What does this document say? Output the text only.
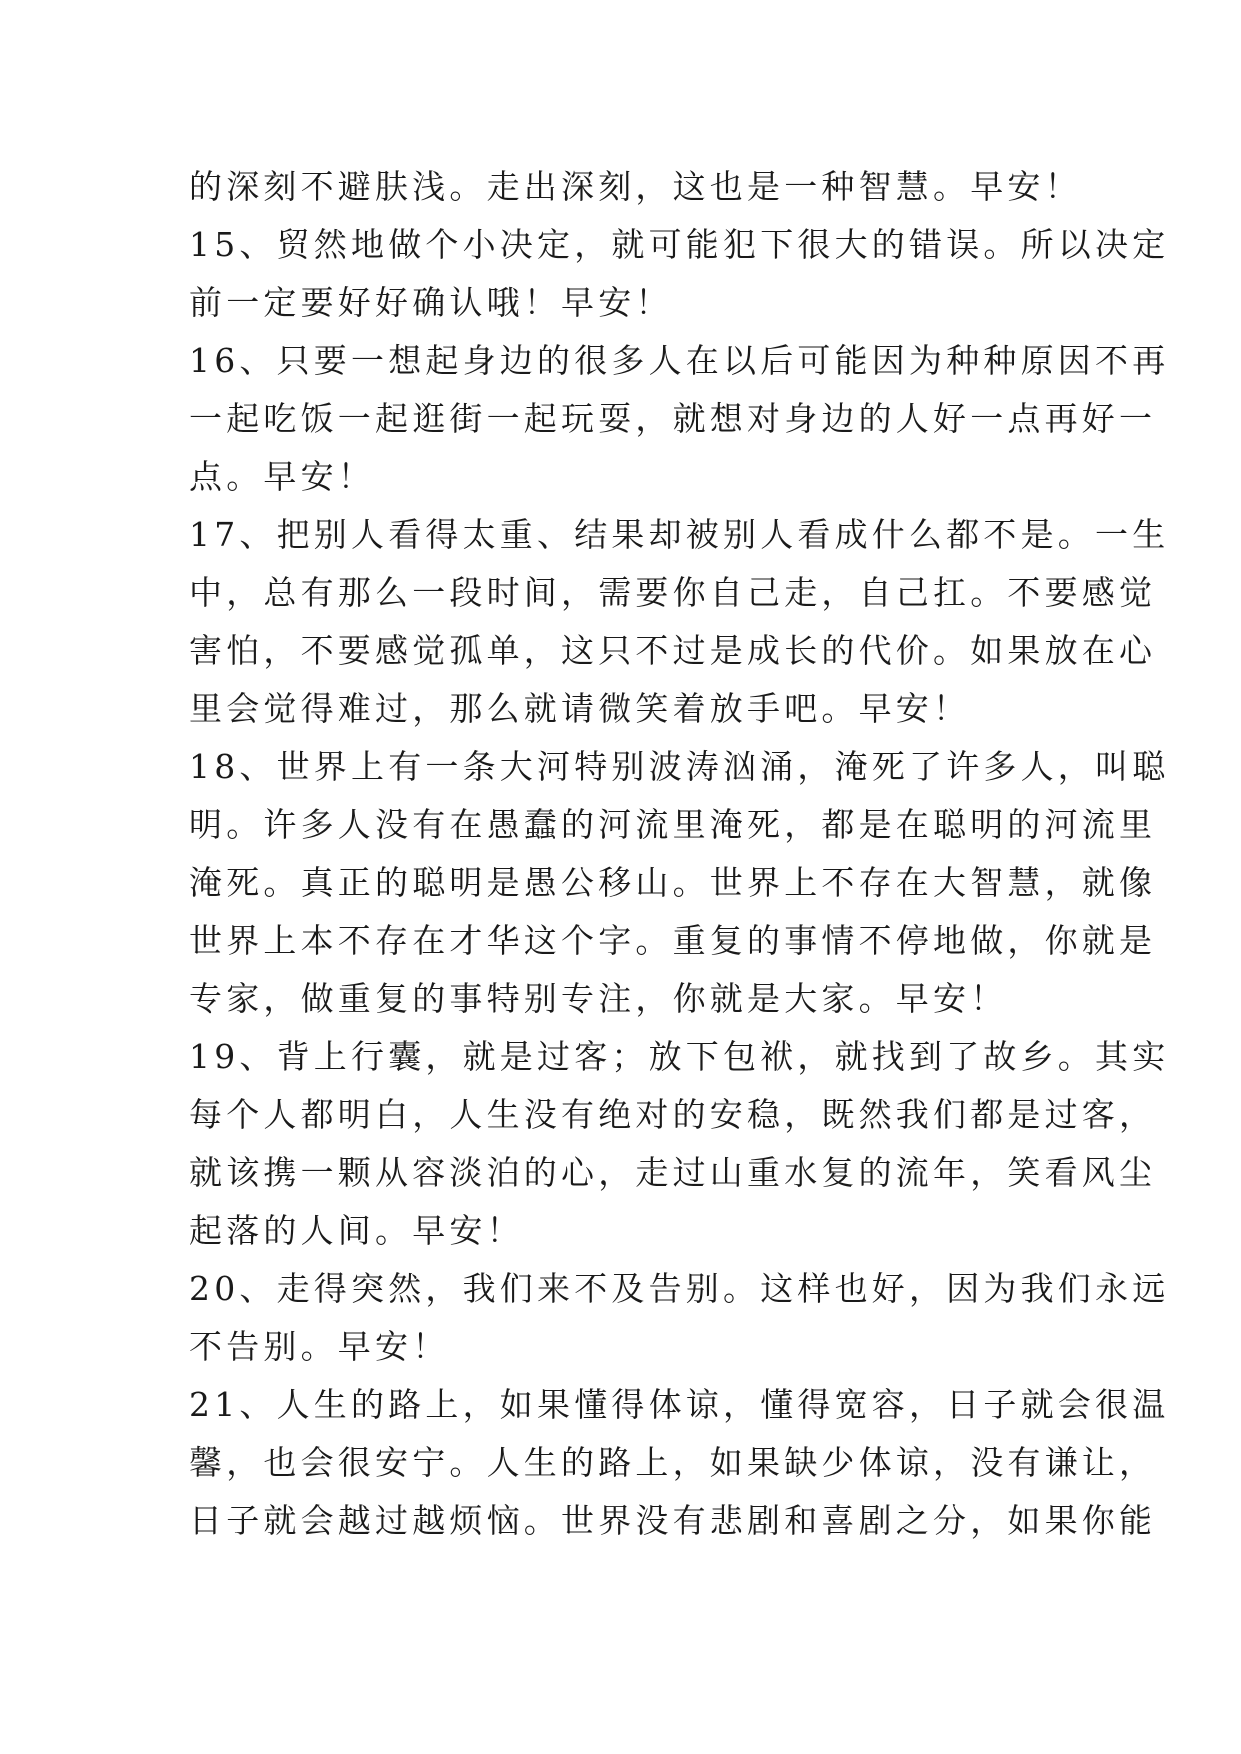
的深刻不避肤浅。走出深刻，这也是一种智慧。早安！
15、贸然地做个小决定，就可能犯下很大的错误。所以决定
前一定要好好确认哦！早安！
16、只要一想起身边的很多人在以后可能因为种种原因不再
一起吃饭一起逛街一起玩耍，就想对身边的人好一点再好一
点。早安！
17、把别人看得太重、结果却被别人看成什么都不是。一生
中，总有那么一段时间，需要你自己走，自己扛。不要感觉
害怕，不要感觉孤单，这只不过是成长的代价。如果放在心
里会觉得难过，那么就请微笑着放手吧。早安！
18、世界上有一条大河特别波涛汹涌，淹死了许多人，叫聪
明。许多人没有在愚蠢的河流里淹死，都是在聪明的河流里
淹死。真正的聪明是愚公移山。世界上不存在大智慧，就像
世界上本不存在才华这个字。重复的事情不停地做，你就是
专家，做重复的事特别专注，你就是大家。早安！
19、背上行囊，就是过客；放下包袱，就找到了故乡。其实
每个人都明白，人生没有绝对的安稳，既然我们都是过客，
就该携一颗从容淡泊的心，走过山重水复的流年，笑看风尘
起落的人间。早安！
20、走得突然，我们来不及告别。这样也好，因为我们永远
不告别。早安！
21、人生的路上，如果懂得体谅，懂得宽容，日子就会很温
馨，也会很安宁。人生的路上，如果缺少体谅，没有谦让，
日子就会越过越烦恼。世界没有悲剧和喜剧之分，如果你能
